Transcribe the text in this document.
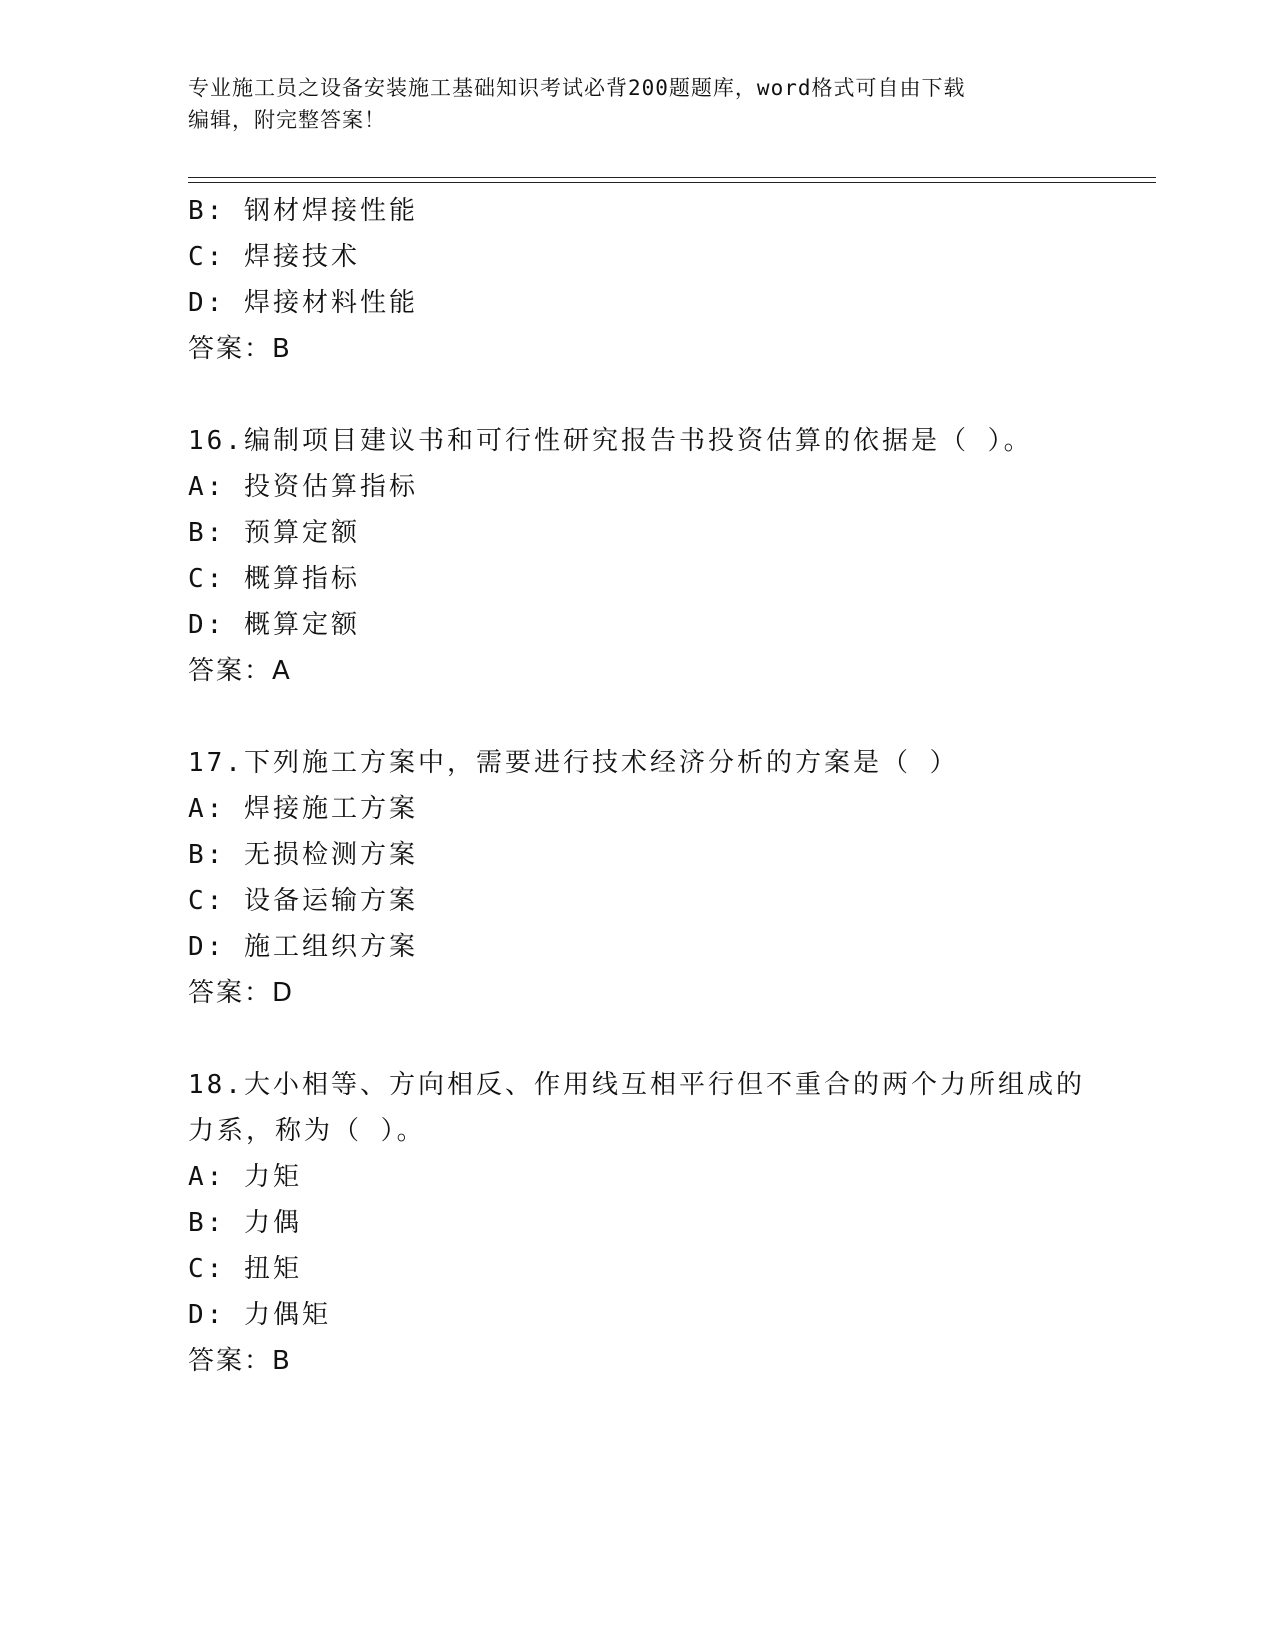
专业施工员之设备安装施工基础知识考试必背200题题库，word格式可自由下载
编辑，附完整答案！
B: 钢材焊接性能
C: 焊接技术
D: 焊接材料性能
答案：B
16.编制项目建议书和可行性研究报告书投资估算的依据是（ ）。
A: 投资估算指标
B: 预算定额
C: 概算指标
D: 概算定额
答案：A
17.下列施工方案中，需要进行技术经济分析的方案是（ ）
A: 焊接施工方案
B: 无损检测方案
C: 设备运输方案
D: 施工组织方案
答案：D
18.大小相等、方向相反、作用线互相平行但不重合的两个力所组成的
力系，称为（ ）。
A: 力矩
B: 力偶
C: 扭矩
D: 力偶矩
答案：B
